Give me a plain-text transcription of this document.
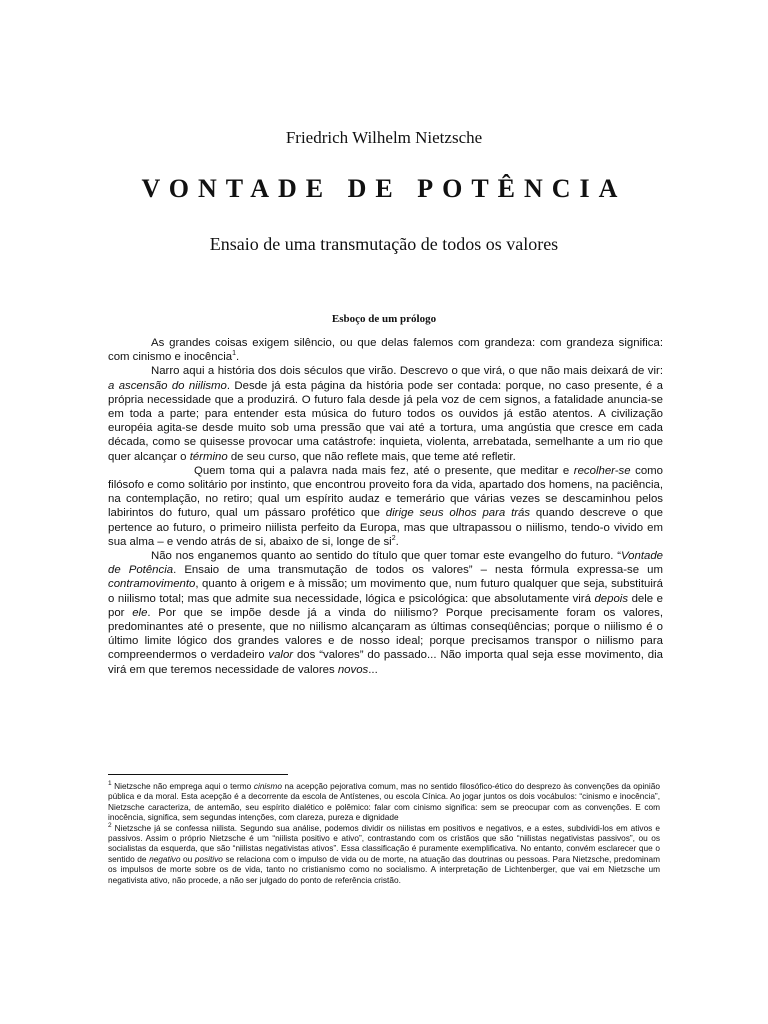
Friedrich Wilhelm Nietzsche
VONTADE DE POTÊNCIA
Ensaio de uma transmutação de todos os valores
Esboço de um prólogo

As grandes coisas exigem silêncio, ou que delas falemos com grandeza: com grandeza significa: com cinismo e inocência$^1$.

Narro aqui a história dos dois séculos que virão. Descrevo o que virá, o que não mais deixará de vir: a ascensão do niilismo. Desde já esta página da história pode ser contada: porque, no caso presente, é a própria necessidade que a produzirá. O futuro fala desde já pela voz de cem signos, a fatalidade anuncia-se em toda a parte; para entender esta música do futuro todos os ouvidos já estão atentos. A civilização européia agita-se desde muito sob uma pressão que vai até a tortura, uma angústia que cresce em cada década, como se quisesse provocar uma catástrofe: inquieta, violenta, arrebatada, semelhante a um rio que quer alcançar o término de seu curso, que não reflete mais, que teme até refletir.

Quem toma qui a palavra nada mais fez, até o presente, que meditar e recolher-se como filósofo e como solitário por instinto, que encontrou proveito fora da vida, apartado dos homens, na paciência, na contemplação, no retiro; qual um espírito audaz e temerário que várias vezes se descaminhou pelos labirintos do futuro, qual um pássaro profético que dirige seus olhos para trás quando descreve o que pertence ao futuro, o primeiro niilista perfeito da Europa, mas que ultrapassou o niilismo, tendo-o vivido em sua alma – e vendo atrás de si, abaixo de si, longe de $si^2$.

Não nos enganemos quanto ao sentido do título que quer tomar este evangelho do futuro. “Vontade de Potência. Ensaio de uma transmutação de todos os valores” – nesta fórmula expressa-se um contramovimento, quanto à origem e à missão; um movimento que, num futuro qualquer que seja, substituirá o niilismo total; mas que admite sua necessidade, lógica e psicológica: que absolutamente virá depois dele e por ele. Por que se impõe desde já a vinda do niilismo? Porque precisamente foram os valores, predominantes até o presente, que no niilismo alcançaram as últimas conseqüências; porque o niilismo é o último limite lógico dos grandes valores e de nosso ideal; porque precisamos transpor o niilismo para compreendermos o verdadeiro valor dos “valores” do passado... Não importa qual seja esse movimento, dia virá em que teremos necessidade de valores novos...

$^1$ Nietzsche não emprega aqui o termo cinismo na acepção pejorativa comum, mas no sentido filosófico-ético do desprezo às convenções da opinião pública e da moral. Esta acepção é a decorrente da escola de Antístenes, ou escola Cínica. Ao jogar juntos os dois vocábulos: “cinismo e inocência”, Nietzsche caracteriza, de antemão, seu espírito dialético e polêmico: falar com cinismo significa: sem se preocupar com as convenções. E com inocência, significa, sem segundas intenções, com clareza, pureza e dignidade

$^2$ Nietzsche já se confessa niilista. Segundo sua análise, podemos dividir os niilistas em positivos e negativos, e a estes, subdividi-los em ativos e passivos. Assim o próprio Nietzsche é um “niilista positivo e ativo”, contrastando com os cristãos que são “niilistas negativistas passivos”, ou os socialistas da esquerda, que são “niilistas negativistas ativos”. Essa classificação é puramente exemplificativa. No entanto, convém esclarecer que o sentido de negativo ou positivo se relaciona com o impulso de vida ou de morte, na atuação das doutrinas ou pessoas. Para Nietzsche, predominam os impulsos de morte sobre os de vida, tanto no cristianismo como no socialismo. A interpretação de Lichtenberger, que vai em Nietzsche um negativista ativo, não procede, a não ser julgado do ponto de referência cristão.
